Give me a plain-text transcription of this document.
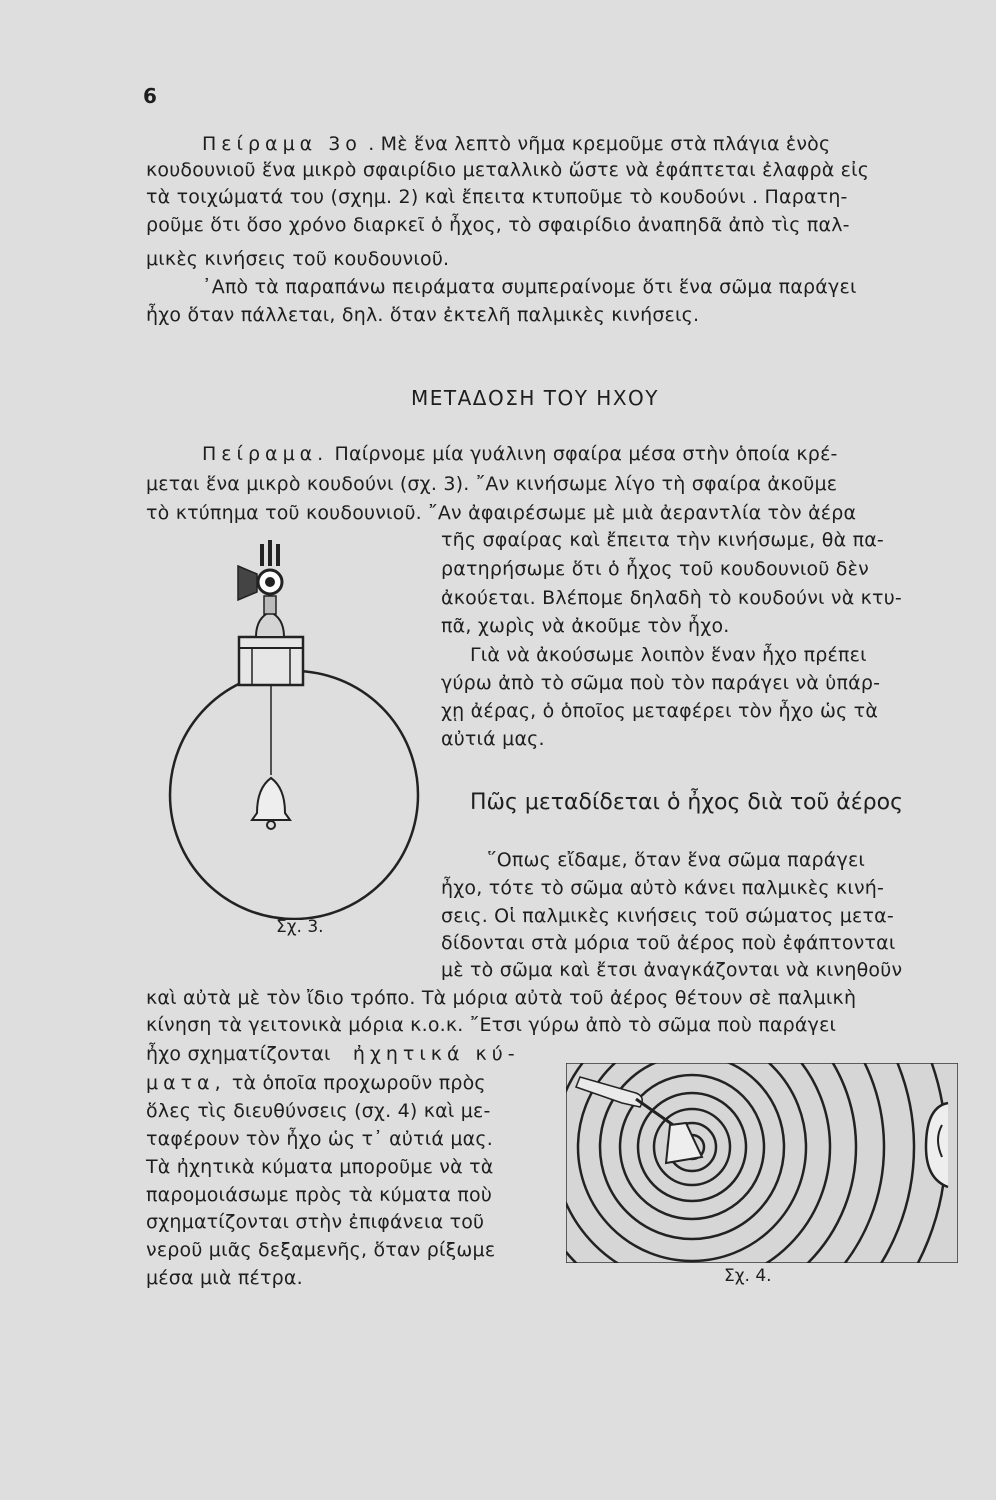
6
Πείραμα 3ο . Μὲ ἕνα λεπτὸ νῆμα κρεμοῦμε στὰ πλάγια ἑνὸς
κουδουνιοῦ ἕνα μικρὸ σφαιρίδιο μεταλλικὸ ὥστε νὰ ἐφάπτεται ἐλαφρὰ εἰς
τὰ τοιχώματά του (σχημ. 2) καὶ ἔπειτα κτυποῦμε τὸ κουδούνι . Παρατη-
ροῦμε ὅτι ὅσο χρόνο διαρκεῖ ὁ ἦχος, τὸ σφαιρίδιο ἀναπηδᾶ ἀπὸ τὶς παλ-
μικὲς κινήσεις τοῦ κουδουνιοῦ.
᾿Απὸ τὰ παραπάνω πειράματα συμπεραίνομε ὅτι ἕνα σῶμα παράγει
ἦχο ὅταν πάλλεται, δηλ. ὅταν ἐκτελῆ παλμικὲς κινήσεις.
ΜΕΤΑΔΟΣΗ ΤΟΥ ΗΧΟΥ
Πείραμα. Παίρνομε μία γυάλινη σφαίρα μέσα στὴν ὁποία κρέ-
μεται ἕνα μικρὸ κουδούνι (σχ. 3). ῎Αν κινήσωμε λίγο τὴ σφαίρα ἀκοῦμε
τὸ κτύπημα τοῦ κουδουνιοῦ. ῎Αν ἀφαιρέσωμε μὲ μιὰ ἀεραντλία τὸν ἀέρα
τῆς σφαίρας καὶ ἔπειτα τὴν κινήσωμε, θὰ πα-
ρατηρήσωμε ὅτι ὁ ἦχος τοῦ κουδουνιοῦ δὲν
ἀκούεται. Βλέπομε δηλαδὴ τὸ κουδούνι νὰ κτυ-
πᾶ, χωρὶς νὰ ἀκοῦμε τὸν ἦχο.
Γιὰ νὰ ἀκούσωμε λοιπὸν ἕναν ἦχο πρέπει
γύρω ἀπὸ τὸ σῶμα ποὺ τὸν παράγει νὰ ὑπάρ-
χῃ ἀέρας, ὁ ὁποῖος μεταφέρει τὸν ἦχο ὡς τὰ
αὐτιά μας.
Σχ. 3.
Πῶς μεταδίδεται ὁ ἦχος διὰ τοῦ ἀέρος
῞Οπως εἴδαμε, ὅταν ἕνα σῶμα παράγει
ἦχο, τότε τὸ σῶμα αὐτὸ κάνει παλμικὲς κινή-
σεις. Οἱ παλμικὲς κινήσεις τοῦ σώματος μετα-
δίδονται στὰ μόρια τοῦ ἀέρος ποὺ ἐφάπτονται
μὲ τὸ σῶμα καὶ ἔτσι ἀναγκάζονται νὰ κινηθοῦν
καὶ αὐτὰ μὲ τὸν ἴδιο τρόπο. Τὰ μόρια αὐτὰ τοῦ ἀέρος θέτουν σὲ παλμικὴ
κίνηση τὰ γειτονικὰ μόρια κ.ο.κ. ῎Ετσι γύρω ἀπὸ τὸ σῶμα ποὺ παράγει
ἦχο σχηματίζονται ἠχητικά κύ-
ματα, τὰ ὁποῖα προχωροῦν πρὸς
ὅλες τὶς διευθύνσεις (σχ. 4) καὶ με-
ταφέρουν τὸν ἦχο ὡς τ᾿ αὐτιά μας.
Τὰ ἠχητικὰ κύματα μποροῦμε νὰ τὰ
παρομοιάσωμε πρὸς τὰ κύματα ποὺ
σχηματίζονται στὴν ἐπιφάνεια τοῦ
νεροῦ μιᾶς δεξαμενῆς, ὅταν ρίξωμε
μέσα μιὰ πέτρα.	Σχ. 4.
